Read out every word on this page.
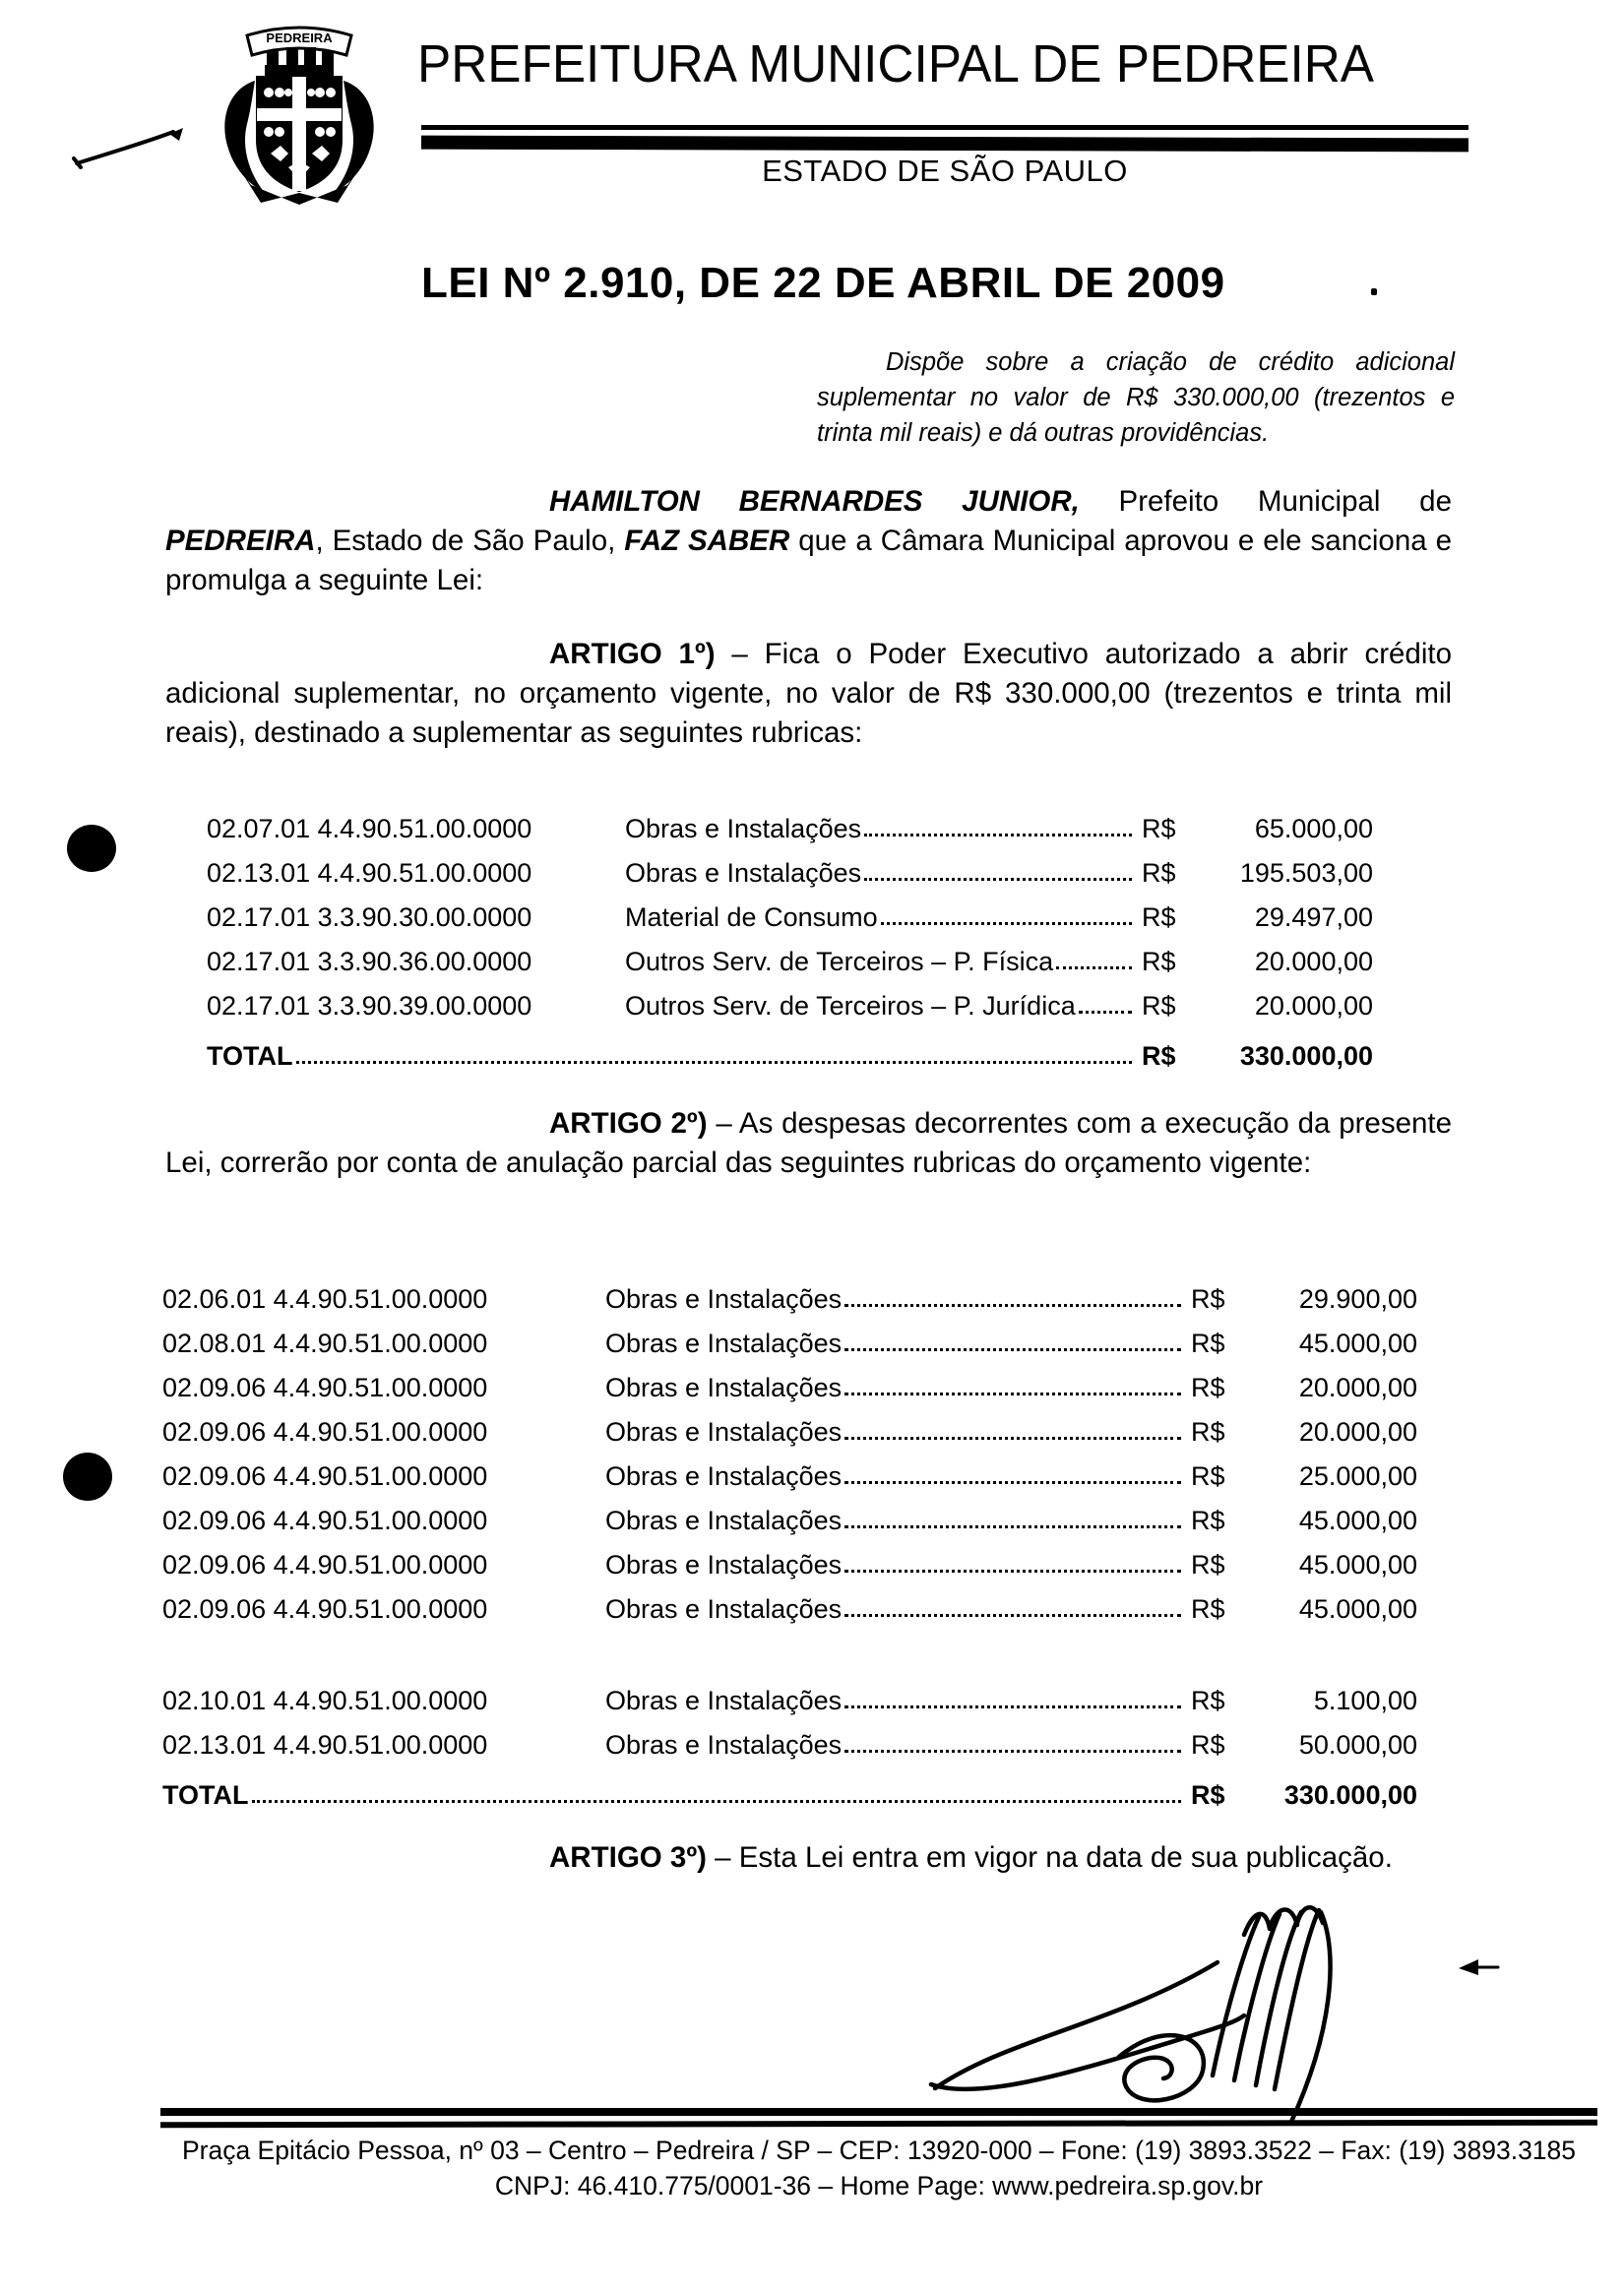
PEDREIRA PREFEITURA MUNICIPAL DE PEDREIRA
ESTADO DE SÃO PAULO
LEI Nº 2.910, DE 22 DE ABRIL DE 2009
Dispõe sobre a criação de crédito adicional suplementar no valor de R$ 330.000,00 (trezentos e trinta mil reais) e dá outras providências.
HAMILTON BERNARDES JUNIOR, Prefeito Municipal de PEDREIRA, Estado de São Paulo, FAZ SABER que a Câmara Municipal aprovou e ele sanciona e promulga a seguinte Lei:
ARTIGO 1º) – Fica o Poder Executivo autorizado a abrir crédito adicional suplementar, no orçamento vigente, no valor de R$ 330.000,00 (trezentos e trinta mil reais), destinado a suplementar as seguintes rubricas:
02.07.01 4.4.90.51.00.0000	Obras e Instalações	R$	65.000,00
02.13.01 4.4.90.51.00.0000	Obras e Instalações	R$	195.503,00
02.17.01 3.3.90.30.00.0000	Material de Consumo	R$	29.497,00
02.17.01 3.3.90.36.00.0000	Outros Serv. de Terceiros – P. Física	R$	20.000,00
02.17.01 3.3.90.39.00.0000	Outros Serv. de Terceiros – P. Jurídica R$	20.000,00
TOTAL	R$	330.000,00
ARTIGO 2º) – As despesas decorrentes com a execução da presente Lei, correrão por conta de anulação parcial das seguintes rubricas do orçamento vigente:
02.06.01 4.4.90.51.00.0000	Obras e Instalações	R$	29.900,00
02.08.01 4.4.90.51.00.0000	Obras e Instalações	R$	45.000,00
02.09.06 4.4.90.51.00.0000	Obras e Instalações	R$	20.000,00
02.09.06 4.4.90.51.00.0000	Obras e Instalações	R$	20.000,00
02.09.06 4.4.90.51.00.0000	Obras e Instalações	R$	25.000,00
02.09.06 4.4.90.51.00.0000	Obras e Instalações	R$	45.000,00
02.09.06 4.4.90.51.00.0000	Obras e Instalações	R$	45.000,00
02.09.06 4.4.90.51.00.0000	Obras e Instalações	R$	45.000,00
02.10.01 4.4.90.51.00.0000	Obras e Instalações	R$	5.100,00
02.13.01 4.4.90.51.00.0000	Obras e Instalações	R$	50.000,00
TOTAL	R$	330.000,00
ARTIGO 3º) – Esta Lei entra em vigor na data de sua publicação.
Praça Epitácio Pessoa, nº 03 – Centro – Pedreira / SP – CEP: 13920-000 – Fone: (19) 3893.3522 – Fax: (19) 3893.3185
CNPJ: 46.410.775/0001-36 – Home Page: www.pedreira.sp.gov.br
